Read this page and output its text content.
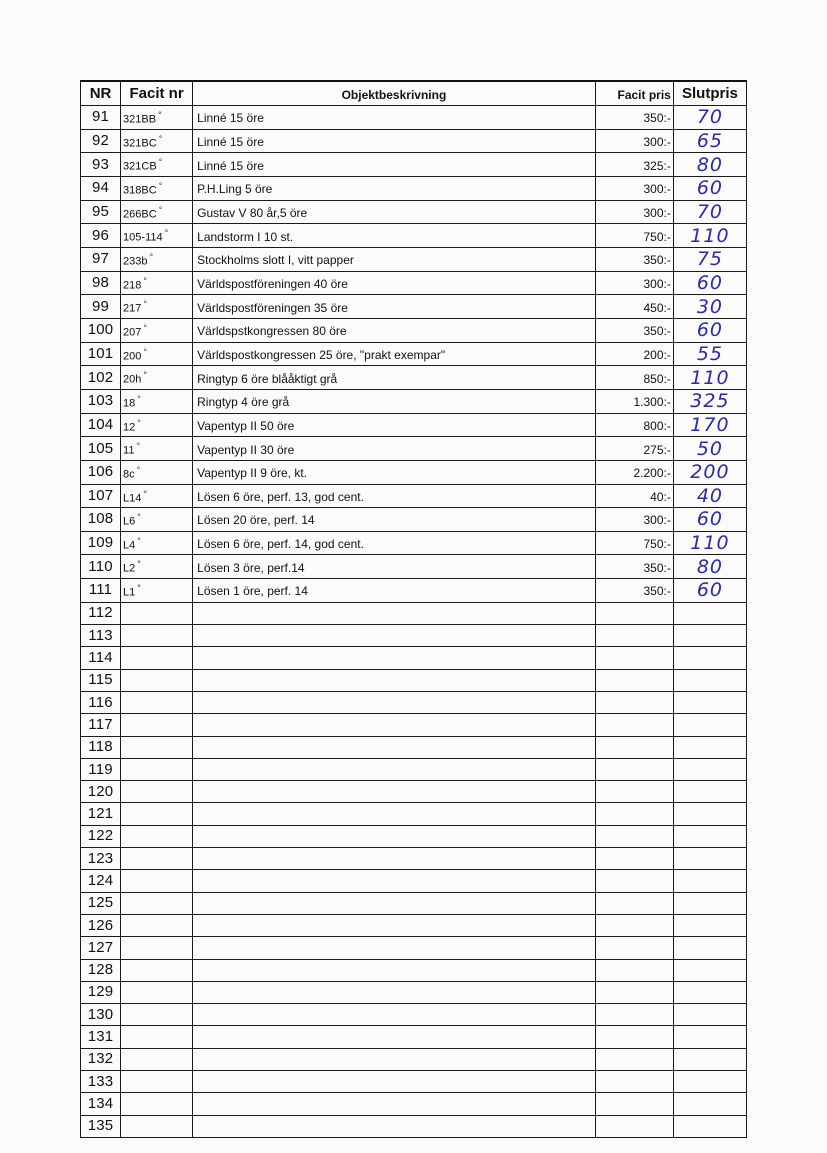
NR	Facit nr	Objektbeskrivning	Facit pris	Slutpris
91	321BB °	Linné 15 öre	350:-	70
92	321BC °	Linné 15 öre	300:-	65
93	321CB °	Linné 15 öre	325:-	80
94	318BC °	P.H.Ling 5 öre	300:-	60
95	266BC °	Gustav V 80 år,5 öre	300:-	70
96	105-114 °	Landstorm I 10 st.	750:-	110
97	233b °	Stockholms slott I, vitt papper	350:-	75
98	218 °	Världspostföreningen 40 öre	300:-	60
99	217 °	Världspostföreningen 35 öre	450:-	30
100	207 °	Världspstkongressen 80 öre	350:-	60
101	200 °	Världspostkongressen 25 öre, "prakt exempar"	200:-	55
102	20h °	Ringtyp 6 öre blååktigt grå	850:-	110
103	18 °	Ringtyp 4 öre grå	1.300:-	325
104	12 °	Vapentyp II 50 öre	800:-	170
105	11 °	Vapentyp II 30 öre	275:-	50
106	8c °	Vapentyp II 9 öre, kt.	2.200:-	200
107	L14 °	Lösen 6 öre, perf. 13, god cent.	40:-	40
108	L6 °	Lösen 20 öre, perf. 14	300:-	60
109	L4 °	Lösen 6 öre, perf. 14, god cent.	750:-	110
110	L2 °	Lösen 3 öre, perf.14	350:-	80
111	L1 °	Lösen 1 öre, perf. 14	350:-	60
112				
113				
114				
115				
116				
117				
118				
119				
120				
121				
122				
123				
124				
125				
126				
127				
128				
129				
130				
131				
132				
133				
134				
135				
